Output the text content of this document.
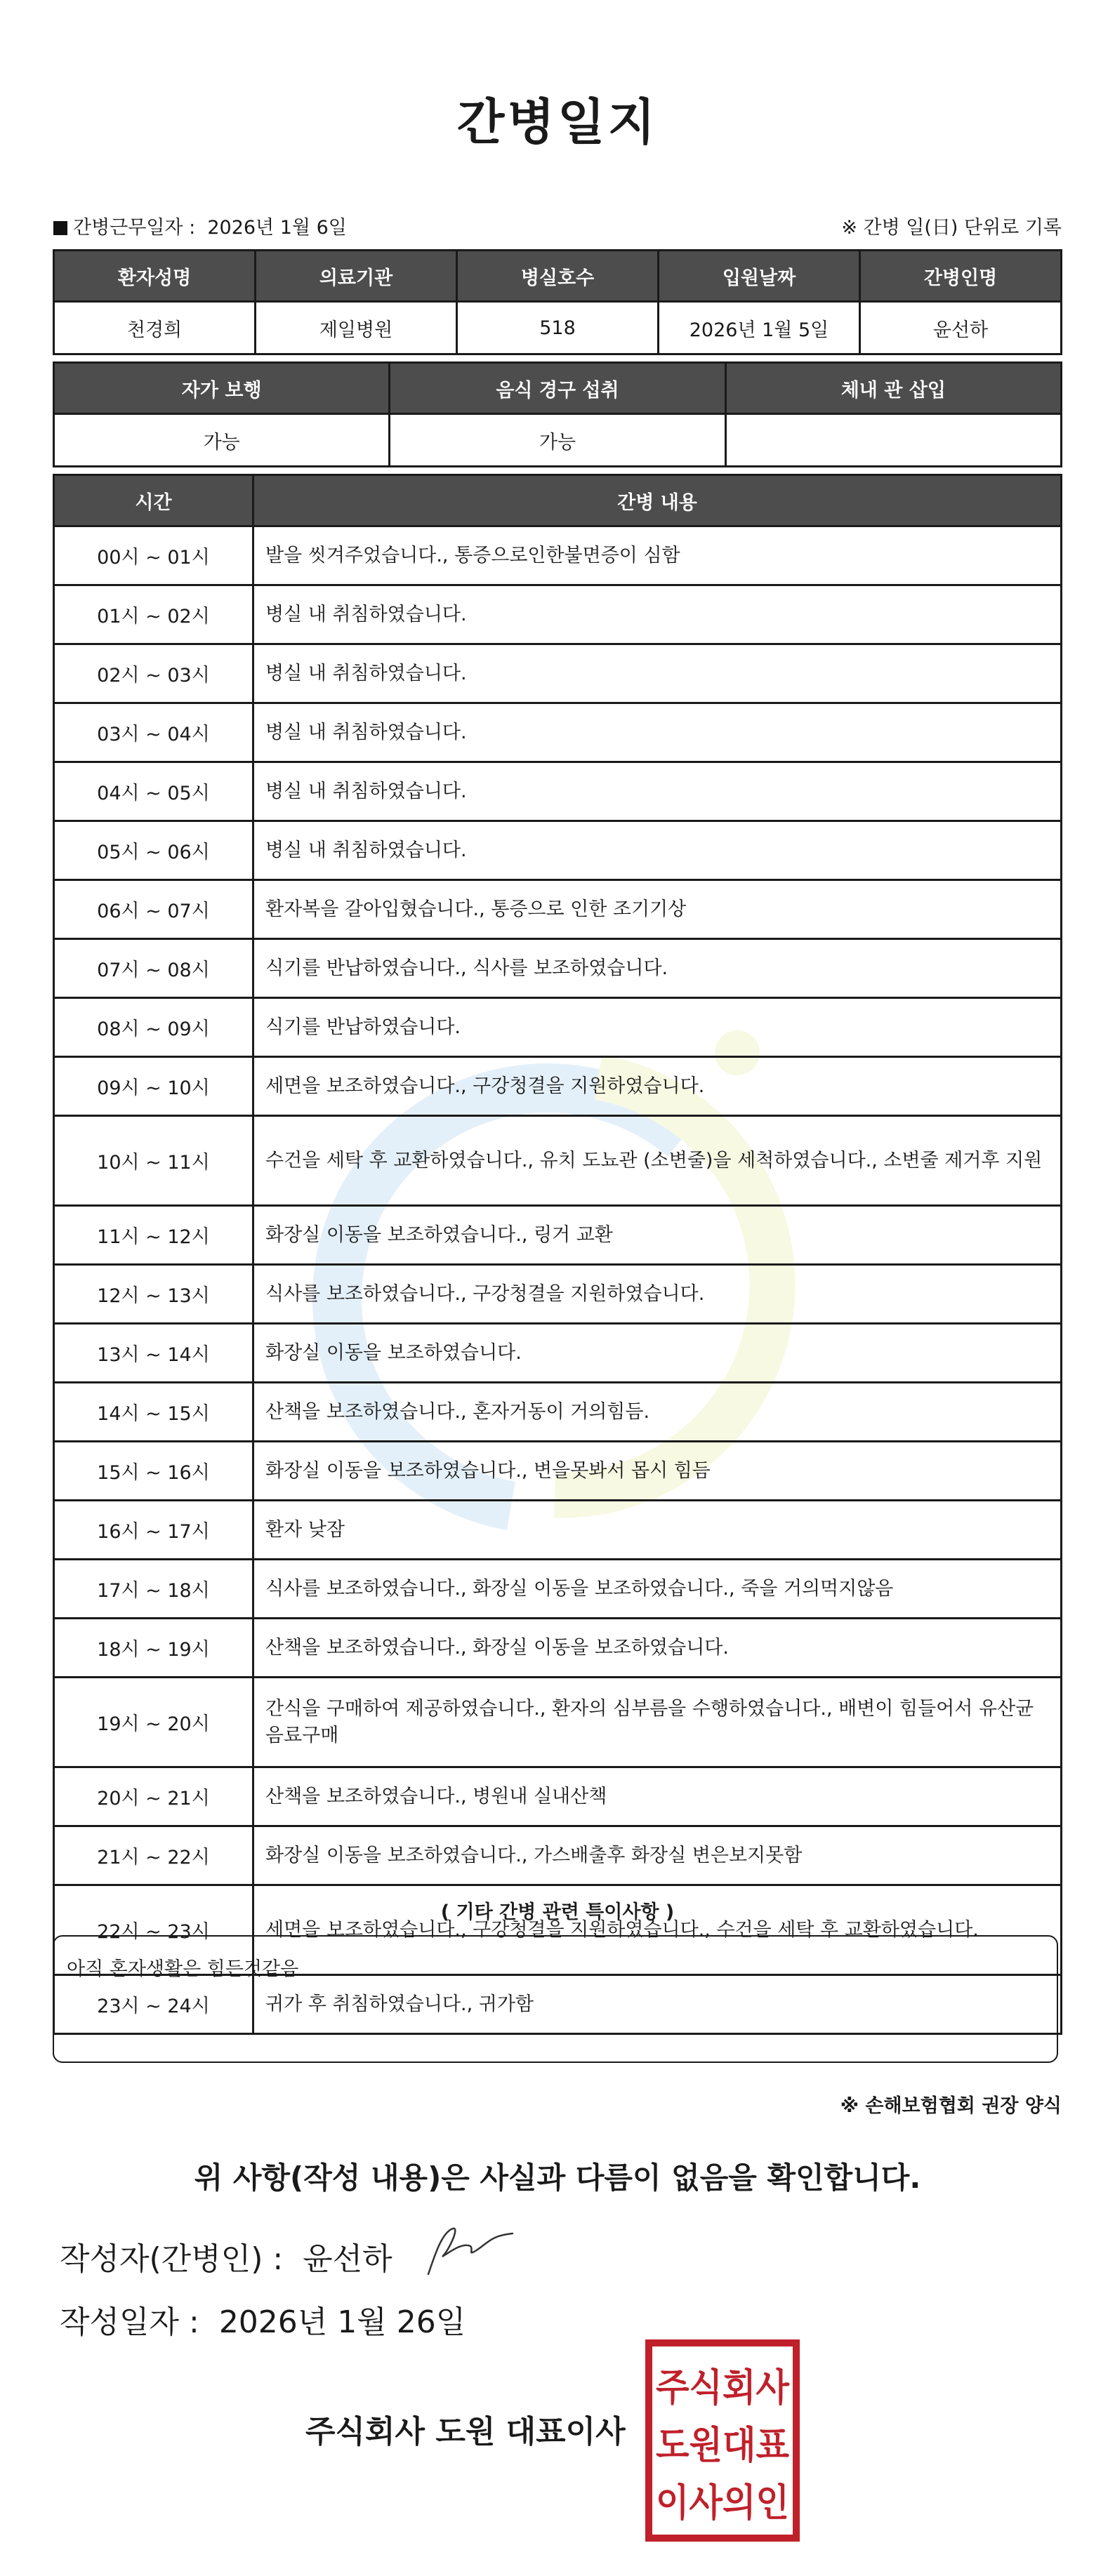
간병일지
간병근무일자 : 2026년 1월 6일	※ 간병 일(日) 단위로 기록
환자성명	의료기관	병실호수	입원날짜	간병인명
천경희	제일병원	518	2026년 1월 5일	윤선하
자가 보행	음식 경구 섭취	체내 관 삽입
가능	가능	
시간	간병 내용
00시 ~ 01시	발을 씻겨주었습니다., 통증으로인한불면증이 심함
01시 ~ 02시	병실 내 취침하였습니다.
02시 ~ 03시	병실 내 취침하였습니다.
03시 ~ 04시	병실 내 취침하였습니다.
04시 ~ 05시	병실 내 취침하였습니다.
05시 ~ 06시	병실 내 취침하였습니다.
06시 ~ 07시	환자복을 갈아입혔습니다., 통증으로 인한 조기기상
07시 ~ 08시	식기를 반납하였습니다., 식사를 보조하였습니다.
08시 ~ 09시	식기를 반납하였습니다.
09시 ~ 10시	세면을 보조하였습니다., 구강청결을 지원하였습니다.
10시 ~ 11시	수건을 세탁 후 교환하였습니다., 유치 도뇨관 (소변줄)을 세척하였습니다., 소변줄 제거후 지원
11시 ~ 12시	화장실 이동을 보조하였습니다., 링거 교환
12시 ~ 13시	식사를 보조하였습니다., 구강청결을 지원하였습니다.
13시 ~ 14시	화장실 이동을 보조하였습니다.
14시 ~ 15시	산책을 보조하였습니다., 혼자거동이 거의힘듬.
15시 ~ 16시	화장실 이동을 보조하였습니다., 변을못봐서 몹시 힘듬
16시 ~ 17시	환자 낮잠
17시 ~ 18시	식사를 보조하였습니다., 화장실 이동을 보조하였습니다., 죽을 거의먹지않음
18시 ~ 19시	산책을 보조하였습니다., 화장실 이동을 보조하였습니다.
19시 ~ 20시	간식을 구매하여 제공하였습니다., 환자의 심부름을 수행하였습니다., 배변이 힘들어서 유산균음료구매
20시 ~ 21시	산책을 보조하였습니다., 병원내 실내산책
21시 ~ 22시	화장실 이동을 보조하였습니다., 가스배출후 화장실 변은보지못함
22시 ~ 23시	세면을 보조하였습니다., 구강청결을 지원하였습니다., 수건을 세탁 후 교환하였습니다.
23시 ~ 24시	귀가 후 취침하였습니다., 귀가함
( 기타 간병 관련 특이사항 )
아직 혼자생활은 힘든것같음
※ 손해보험협회 권장 양식
위 사항(작성 내용)은 사실과 다름이 없음을 확인합니다.
작성자(간병인) : 윤선하
작성일자 : 2026년 1월 26일
주식회사 도원 대표이사
주식회사
도원대표
이사의인
